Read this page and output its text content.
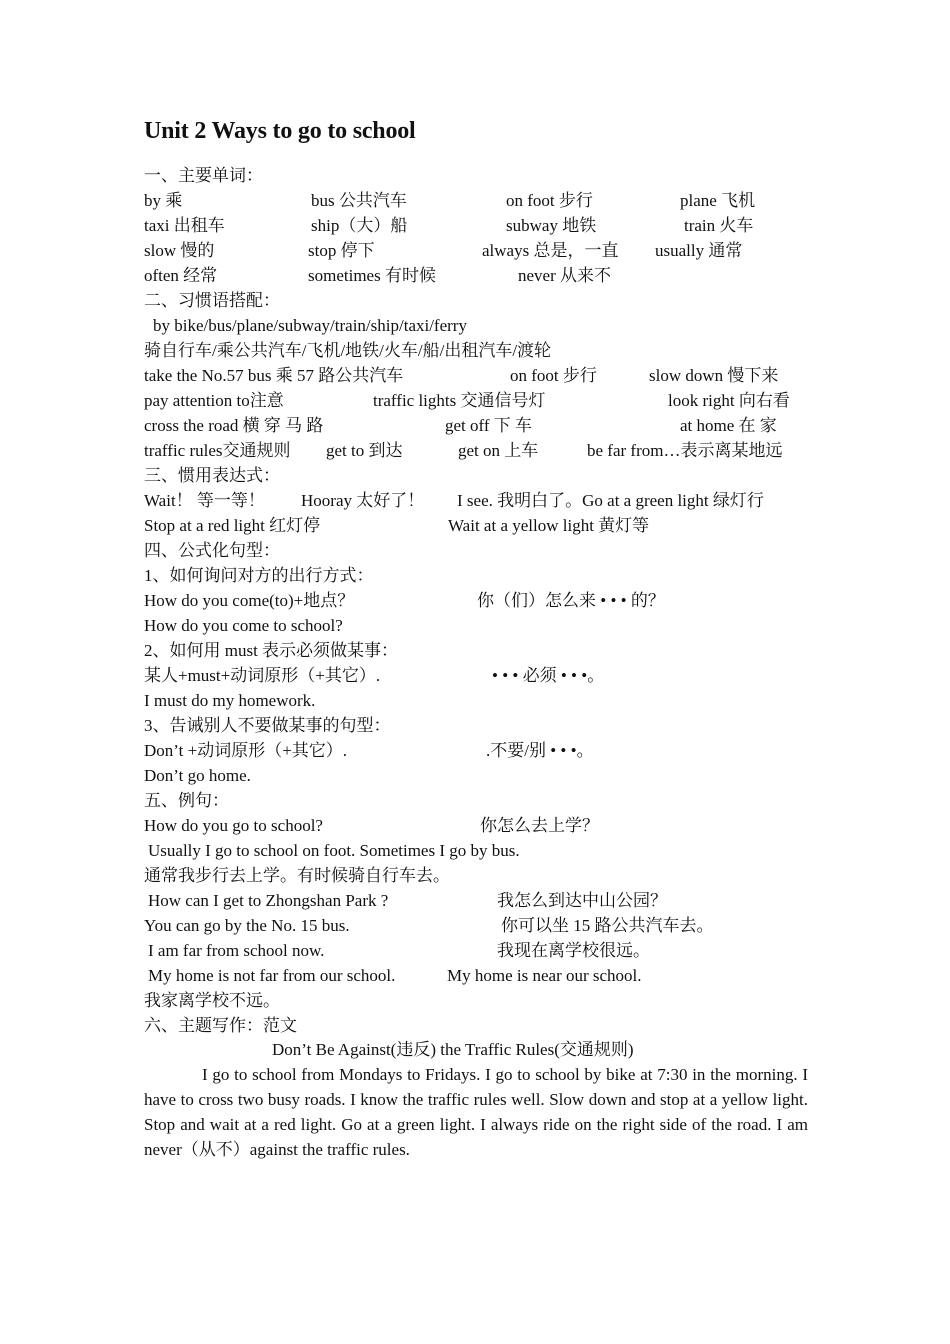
Unit 2 Ways to go to school
一、主要单词：
by 乘	bus 公共汽车	on foot 步行	plane 飞机
taxi 出租车	ship（大）船	subway 地铁	train 火车
slow 慢的	stop 停下	always 总是，一直 usually 通常
often 经常	sometimes 有时候	never 从来不
二、习惯语搭配：
by bike/bus/plane/subway/train/ship/taxi/ferry
骑自行车/乘公共汽车/飞机/地铁/火车/船/出租汽车/渡轮
take the No.57 bus 乘 57 路公共汽车	on foot 步行	slow down 慢下来
pay attention to注意	traffic lights 交通信号灯	look right 向右看
cross the road 横 穿 马 路	get off 下 车	at home 在 家
traffic rules交通规则 get to 到达	get on 上车	be far from…表示离某地远
三、惯用表达式：
Wait！ 等一等！ Hooray 太好了！ I see. 我明白了。Go at a green light 绿灯行
Stop at a red light 红灯停	Wait at a yellow light 黄灯等
四、公式化句型：
1、如何询问对方的出行方式：
How do you come(to)+地点？	你（们）怎么来 • • • 的？
How do you come to school?
2、如何用 must 表示必须做某事：
某人+must+动词原形（+其它）.	• • • 必须 • • •。
I must do my homework.
3、告诫别人不要做某事的句型：
Don’t +动词原形（+其它）.	.不要/别 • • •。
Don’t go home.
五、例句：
How do you go to school?	你怎么去上学？
Usually I go to school on foot. Sometimes I go by bus.
通常我步行去上学。有时候骑自行车去。
How can I get to Zhongshan Park ?	我怎么到达中山公园？
You can go by the No. 15 bus.	你可以坐 15 路公共汽车去。
I am far from school now.	我现在离学校很远。
My home is not far from our school.	My home is near our school.
我家离学校不远。
六、主题写作：范文
Don’t Be Against(违反) the Traffic Rules(交通规则)
I go to school from Mondays to Fridays. I go to school by bike at 7:30 in the morning. I have to cross two busy roads. I know the traffic rules well. Slow down and stop at a yellow light. Stop and wait at a red light. Go at a green light. I always ride on the right side of the road. I am never（从不）against the traffic rules.
